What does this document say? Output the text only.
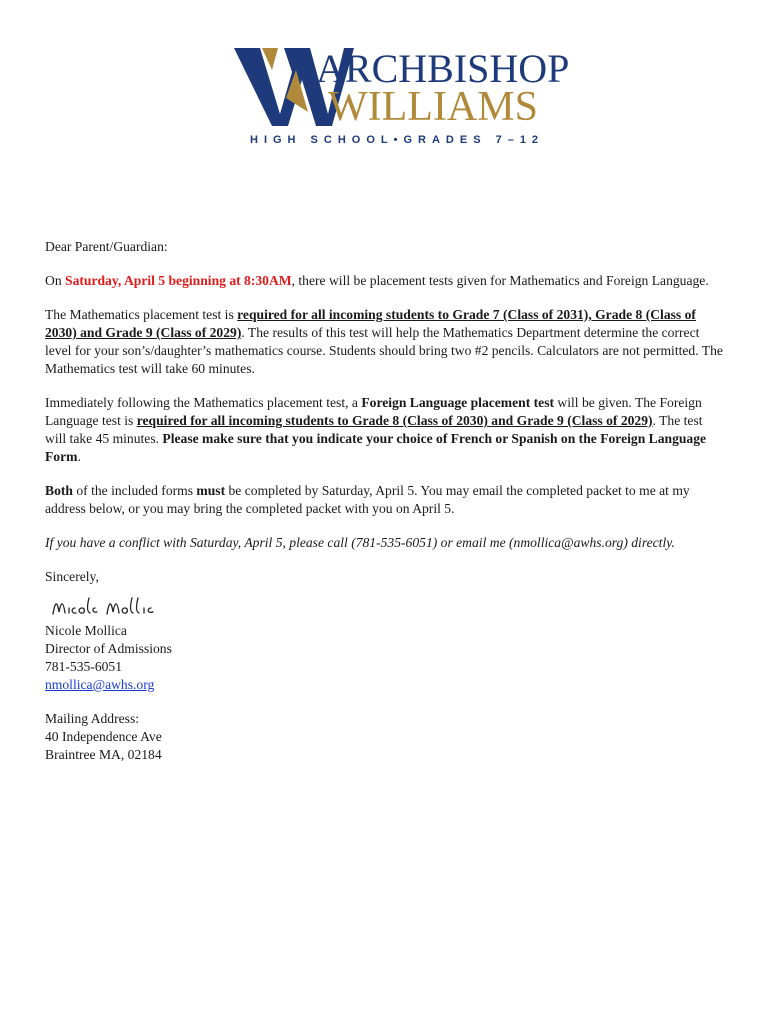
ARCHBISHOP
WILLIAMS
HIGH SCHOOL•GRADES 7–12

Dear Parent/Guardian:

On Saturday, April 5 beginning at 8:30AM, there will be placement tests given for Mathematics and Foreign Language.

The Mathematics placement test is required for all incoming students to Grade 7 (Class of 2031), Grade 8 (Class of 2030) and Grade 9 (Class of 2029). The results of this test will help the Mathematics Department determine the correct level for your son’s/daughter’s mathematics course. Students should bring two #2 pencils. Calculators are not permitted. The Mathematics test will take 60 minutes.

Immediately following the Mathematics placement test, a Foreign Language placement test will be given. The Foreign Language test is required for all incoming students to Grade 8 (Class of 2030) and Grade 9 (Class of 2029). The test will take 45 minutes. Please make sure that you indicate your choice of French or Spanish on the Foreign Language Form.

Both of the included forms must be completed by Saturday, April 5. You may email the completed packet to me at my address below, or you may bring the completed packet with you on April 5.

If you have a conflict with Saturday, April 5, please call (781-535-6051) or email me (nmollica@awhs.org) directly.

Sincerely,

Nicole Mollica
Director of Admissions
781-535-6051
nmollica@awhs.org

Mailing Address:
40 Independence Ave
Braintree MA, 02184
